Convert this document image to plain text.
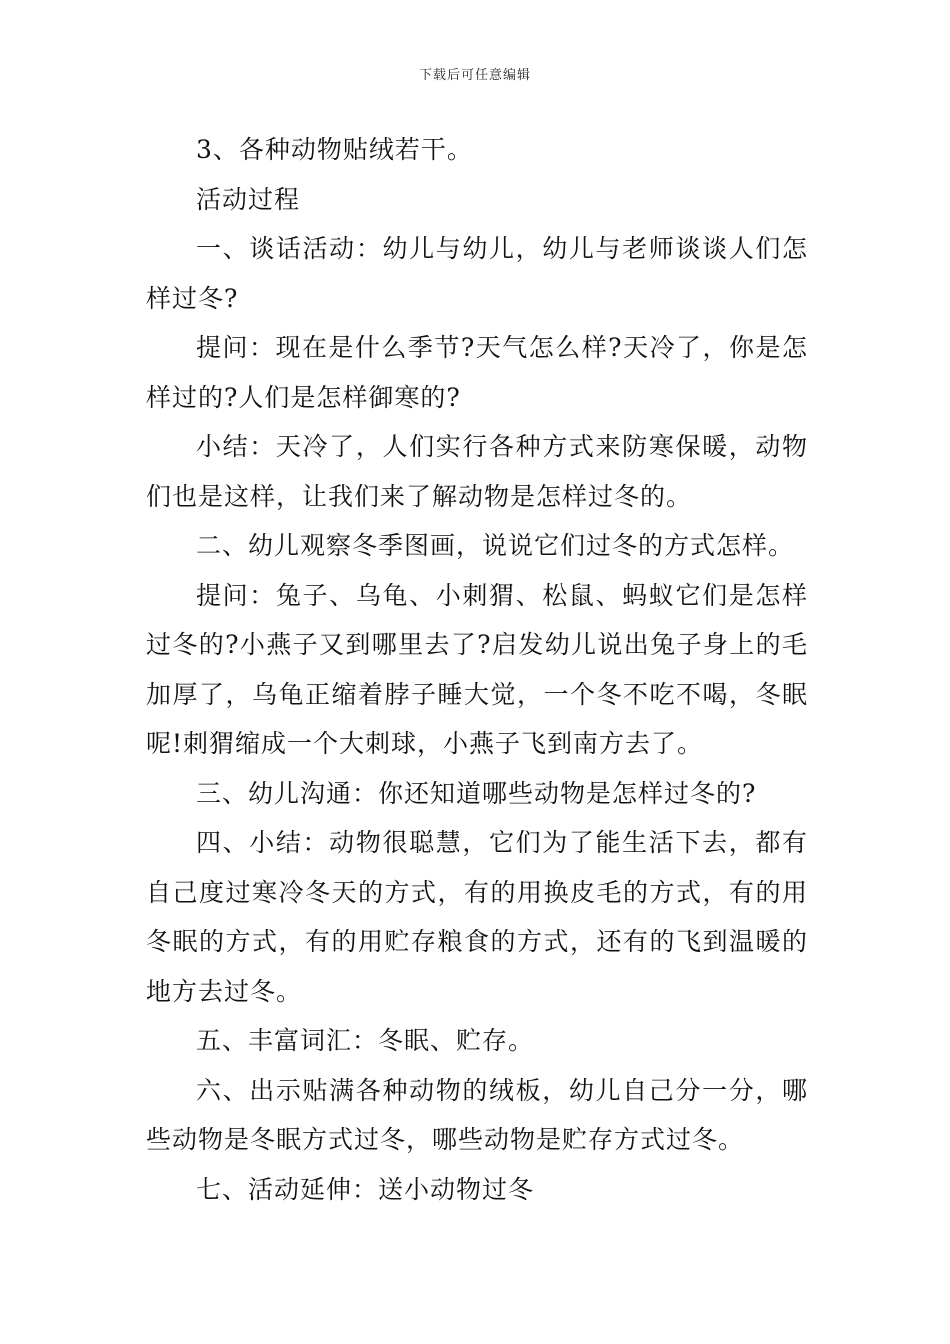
下载后可任意编辑

3、各种动物贴绒若干。

活动过程

一、谈话活动：幼儿与幼儿，幼儿与老师谈谈人们怎样过冬?

提问：现在是什么季节?天气怎么样?天冷了，你是怎样过的?人们是怎样御寒的?

小结：天冷了，人们实行各种方式来防寒保暖，动物们也是这样，让我们来了解动物是怎样过冬的。

二、幼儿观察冬季图画，说说它们过冬的方式怎样。

提问：兔子、乌龟、小刺猬、松鼠、蚂蚁它们是怎样过冬的?小燕子又到哪里去了?启发幼儿说出兔子身上的毛加厚了，乌龟正缩着脖子睡大觉，一个冬不吃不喝，冬眠呢!刺猬缩成一个大刺球，小燕子飞到南方去了。

三、幼儿沟通：你还知道哪些动物是怎样过冬的?

四、小结：动物很聪慧，它们为了能生活下去，都有自己度过寒冷冬天的方式，有的用换皮毛的方式，有的用冬眠的方式，有的用贮存粮食的方式，还有的飞到温暖的地方去过冬。

五、丰富词汇：冬眠、贮存。

六、出示贴满各种动物的绒板，幼儿自己分一分，哪些动物是冬眠方式过冬，哪些动物是贮存方式过冬。

七、活动延伸：送小动物过冬
